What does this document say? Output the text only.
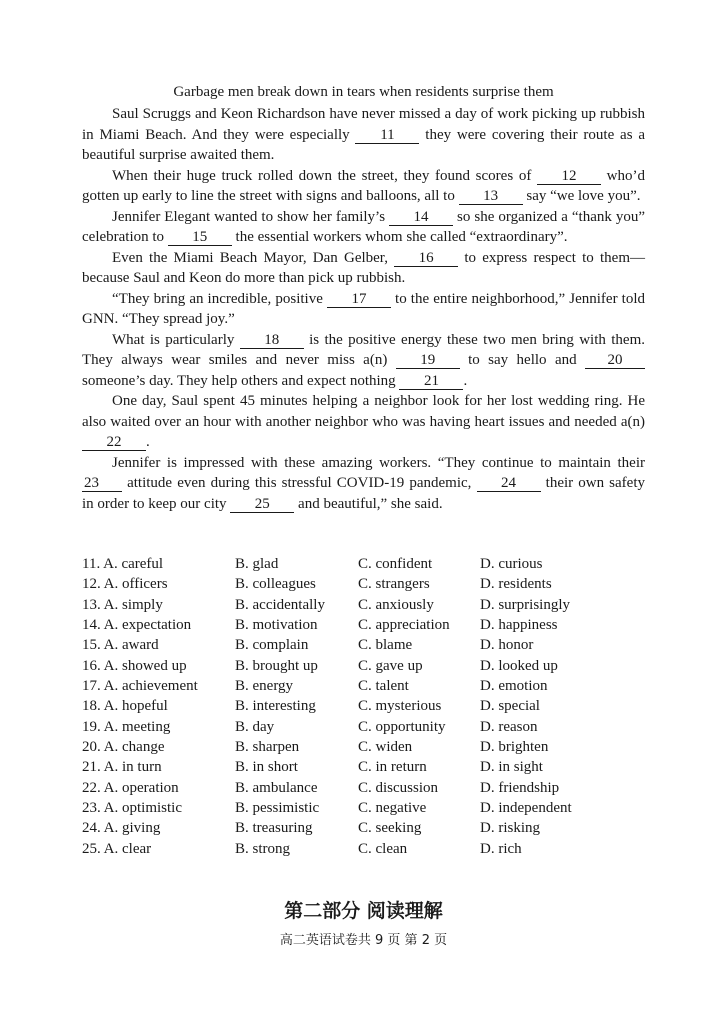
Garbage men break down in tears when residents surprise them

Saul Scruggs and Keon Richardson have never missed a day of work picking up rubbish in Miami Beach. And they were especially 11 they were covering their route as a beautiful surprise awaited them.

When their huge truck rolled down the street, they found scores of 12 who’d gotten up early to line the street with signs and balloons, all to 13 say “we love you”.

Jennifer Elegant wanted to show her family’s 14 so she organized a “thank you” celebration to 15 the essential workers whom she called “extraordinary”.

Even the Miami Beach Mayor, Dan Gelber, 16 to express respect to them—because Saul and Keon do more than pick up rubbish.

“They bring an incredible, positive 17 to the entire neighborhood,” Jennifer told GNN. “They spread joy.”

What is particularly 18 is the positive energy these two men bring with them. They always wear smiles and never miss a(n) 19 to say hello and 20 someone’s day. They help others and expect nothing 21 .

One day, Saul spent 45 minutes helping a neighbor look for her lost wedding ring. He also waited over an hour with another neighbor who was having heart issues and needed a(n) 22 .

Jennifer is impressed with these amazing workers. “They continue to maintain their 23 attitude even during this stressful COVID-19 pandemic, 24 their own safety in order to keep our city 25 and beautiful,” she said.

11. A. careful	B. glad	C. confident	D. curious
12. A. officers	B. colleagues	C. strangers	D. residents
13. A. simply	B. accidentally	C. anxiously	D. surprisingly
14. A. expectation	B. motivation	C. appreciation	D. happiness
15. A. award	B. complain	C. blame	D. honor
16. A. showed up	B. brought up	C. gave up	D. looked up
17. A. achievement	B. energy	C. talent	D. emotion
18. A. hopeful	B. interesting	C. mysterious	D. special
19. A. meeting	B. day	C. opportunity	D. reason
20. A. change	B. sharpen	C. widen	D. brighten
21. A. in turn	B. in short	C. in return	D. in sight
22. A. operation	B. ambulance	C. discussion	D. friendship
23. A. optimistic	B. pessimistic	C. negative	D. independent
24. A. giving	B. treasuring	C. seeking	D. risking
25. A. clear	B. strong	C. clean	D. rich
第二部分 阅读理解
高二英语试卷共 9 页 第 2 页
